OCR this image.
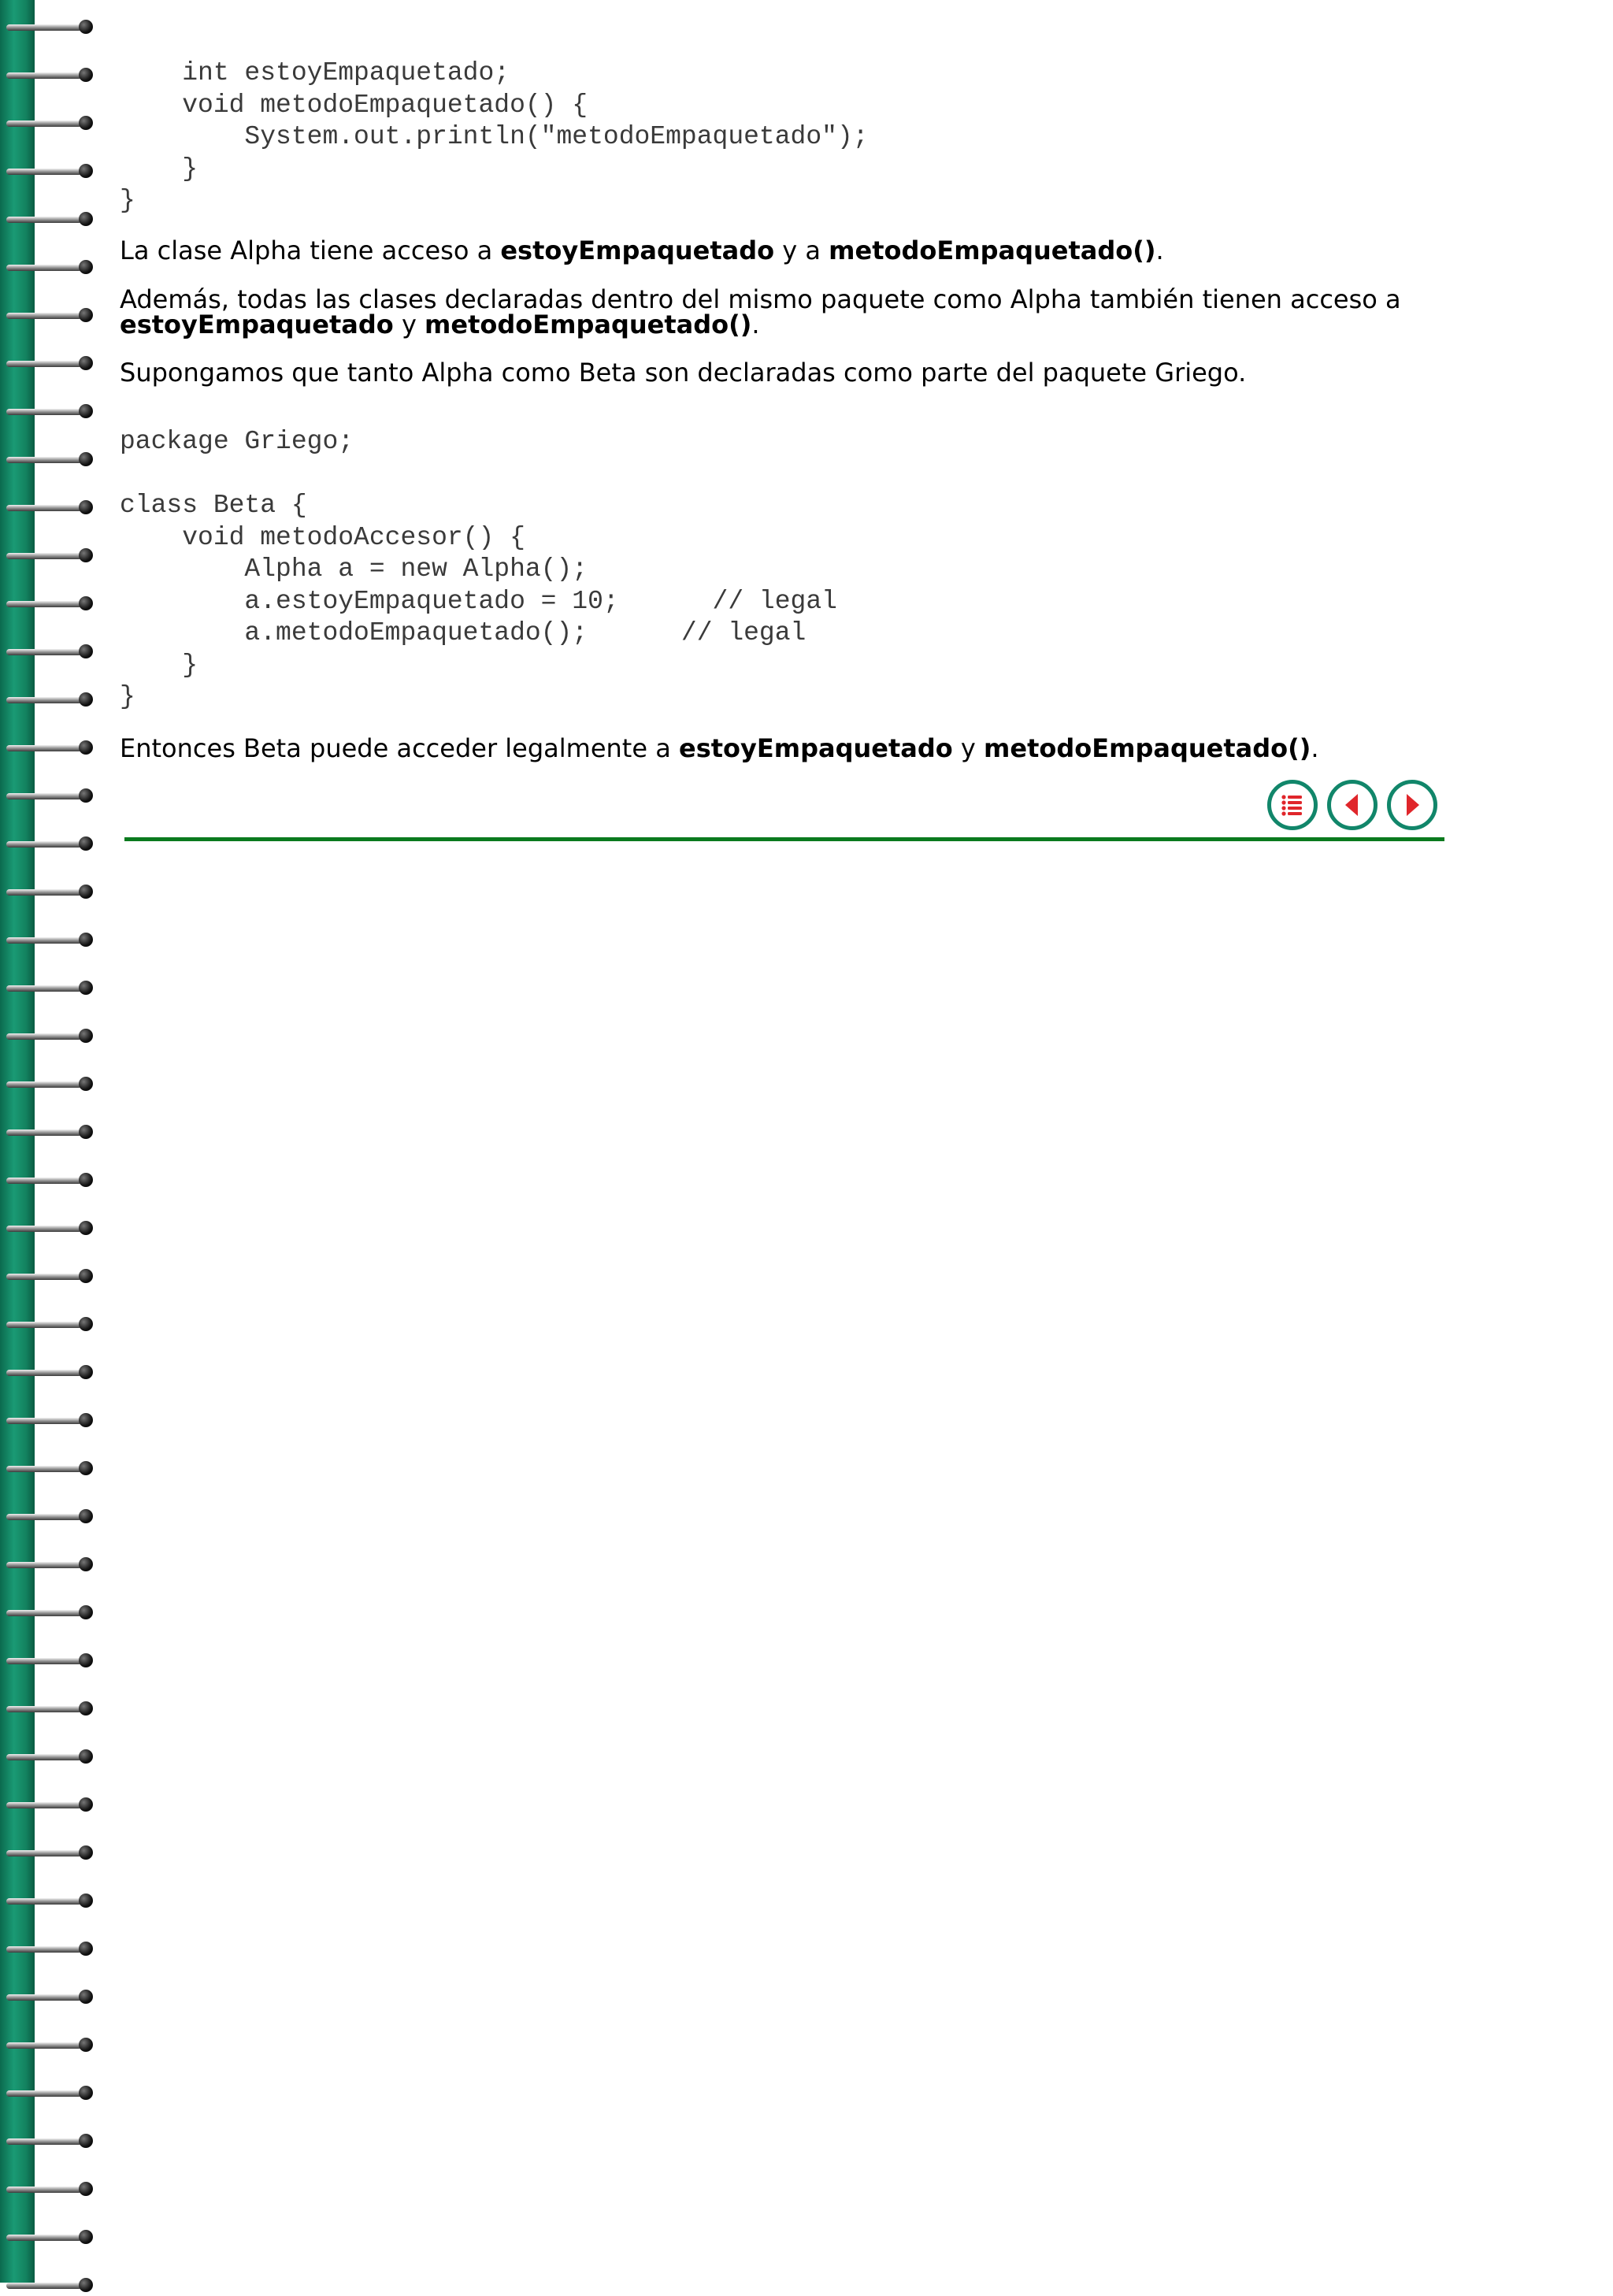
int estoyEmpaquetado;
void metodoEmpaquetado() {
System.out.println("metodoEmpaquetado");
}
}

La clase Alpha tiene acceso a estoyEmpaquetado y a metodoEmpaquetado().

Además, todas las clases declaradas dentro del mismo paquete como Alpha también tienen acceso a estoyEmpaquetado y metodoEmpaquetado().

Supongamos que tanto Alpha como Beta son declaradas como parte del paquete Griego.

package Griego;

class Beta {
void metodoAccesor() {
Alpha a = new Alpha();
a.estoyEmpaquetado = 10;      // legal
a.metodoEmpaquetado();      // legal
}
}

Entonces Beta puede acceder legalmente a estoyEmpaquetado y metodoEmpaquetado().
